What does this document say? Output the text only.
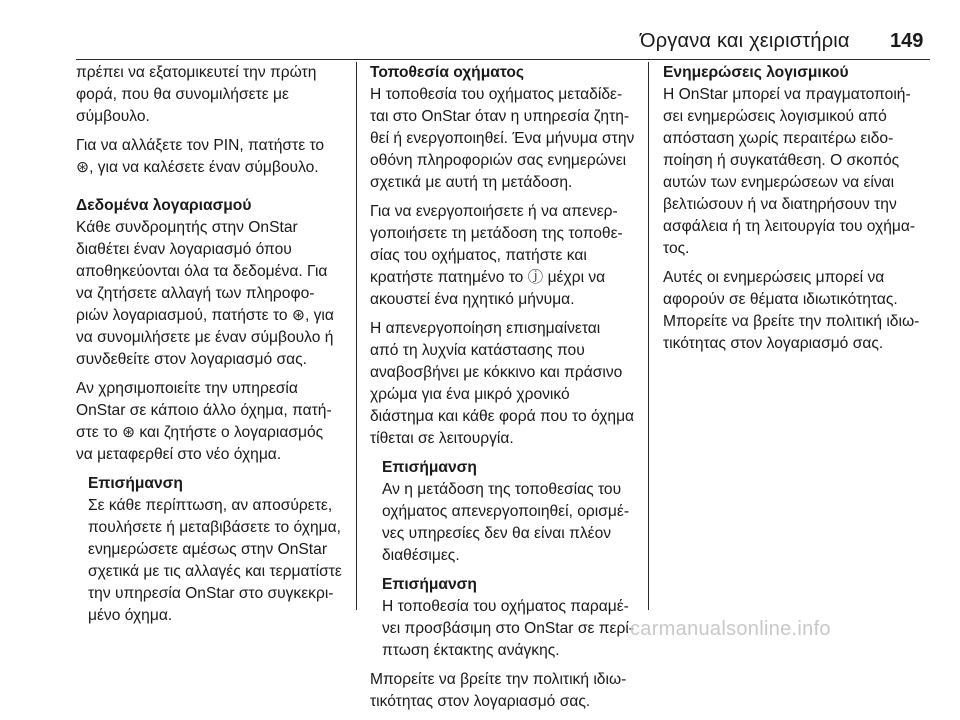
Όργανα και χειριστήρια 149

πρέπει να εξατομικευτεί την πρώτη
φορά, που θα συνομιλήσετε με
σύμβουλο.

Για να αλλάξετε τον PIN, πατήστε το
⊛, για να καλέσετε έναν σύμβουλο.

Δεδομένα λογαριασμού

Κάθε συνδρομητής στην OnStar
διαθέτει έναν λογαριασμό όπου
αποθηκεύονται όλα τα δεδομένα. Για
να ζητήσετε αλλαγή των πληροφο-
ριών λογαριασμού, πατήστε το ⊛, για
να συνομιλήσετε με έναν σύμβουλο ή
συνδεθείτε στον λογαριασμό σας.

Αν χρησιμοποιείτε την υπηρεσία
OnStar σε κάποιο άλλο όχημα, πατή-
στε το ⊛ και ζητήστε ο λογαριασμός
να μεταφερθεί στο νέο όχημα.

Επισήμανση
Σε κάθε περίπτωση, αν αποσύρετε,
πουλήσετε ή μεταβιβάσετε το όχημα,
ενημερώσετε αμέσως στην OnStar
σχετικά με τις αλλαγές και τερματίστε
την υπηρεσία OnStar στο συγκεκρι-
μένο όχημα.

Τοποθεσία οχήματος

Η τοποθεσία του οχήματος μεταδίδε-
ται στο OnStar όταν η υπηρεσία ζητη-
θεί ή ενεργοποιηθεί. Ένα μήνυμα στην
οθόνη πληροφοριών σας ενημερώνει
σχετικά με αυτή τη μετάδοση.

Για να ενεργοποιήσετε ή να απενερ-
γοποιήσετε τη μετάδοση της τοποθε-
σίας του οχήματος, πατήστε και
κρατήστε πατημένο το ⓙ μέχρι να
ακουστεί ένα ηχητικό μήνυμα.

Η απενεργοποίηση επισημαίνεται
από τη λυχνία κατάστασης που
αναβοσβήνει με κόκκινο και πράσινο
χρώμα για ένα μικρό χρονικό
διάστημα και κάθε φορά που το όχημα
τίθεται σε λειτουργία.

Επισήμανση
Αν η μετάδοση της τοποθεσίας του
οχήματος απενεργοποιηθεί, ορισμέ-
νες υπηρεσίες δεν θα είναι πλέον
διαθέσιμες.
Επισήμανση
Η τοποθεσία του οχήματος παραμέ-
νει προσβάσιμη στο OnStar σε περί-
πτωση έκτακτης ανάγκης.

Μπορείτε να βρείτε την πολιτική ιδιω-
τικότητας στον λογαριασμό σας.

Ενημερώσεις λογισμικού

Η OnStar μπορεί να πραγματοποιή-
σει ενημερώσεις λογισμικού από
απόσταση χωρίς περαιτέρω ειδο-
ποίηση ή συγκατάθεση. Ο σκοπός
αυτών των ενημερώσεων να είναι
βελτιώσουν ή να διατηρήσουν την
ασφάλεια ή τη λειτουργία του οχήμα-
τος.

Αυτές οι ενημερώσεις μπορεί να
αφορούν σε θέματα ιδιωτικότητας.
Μπορείτε να βρείτε την πολιτική ιδιω-
τικότητας στον λογαριασμό σας.

carmanualsonline.info
